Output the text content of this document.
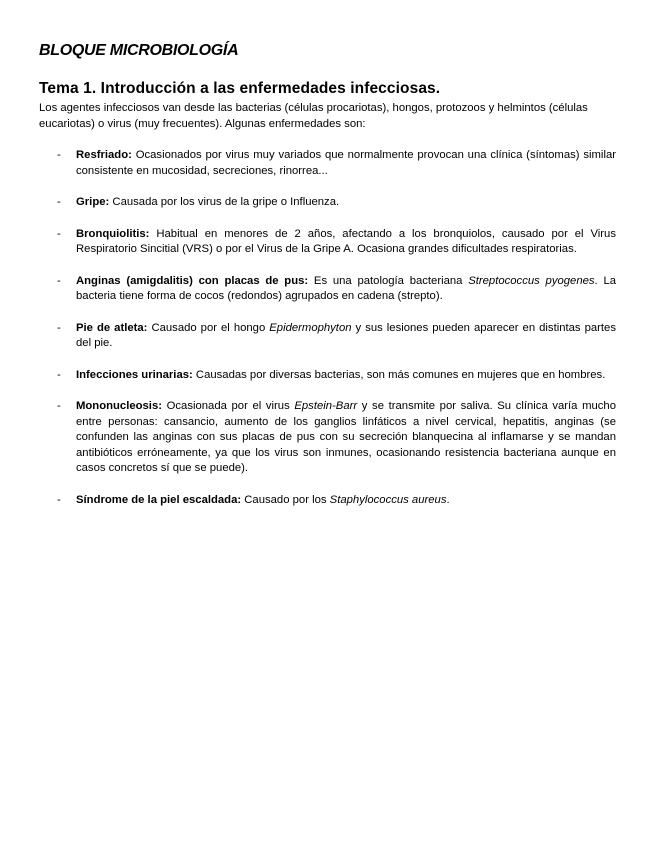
BLOQUE MICROBIOLOGÍA
Tema 1. Introducción a las enfermedades infecciosas.

Los agentes infecciosos van desde las bacterias (células procariotas), hongos, protozoos y helmintos (células eucariotas) o virus (muy frecuentes). Algunas enfermedades son:

- Resfriado: Ocasionados por virus muy variados que normalmente provocan una clínica (síntomas) similar consistente en mucosidad, secreciones, rinorrea...
- Gripe: Causada por los virus de la gripe o Influenza.
- Bronquiolitis: Habitual en menores de 2 años, afectando a los bronquiolos, causado por el Virus Respiratorio Sincitial (VRS) o por el Virus de la Gripe A. Ocasiona grandes dificultades respiratorias.
- Anginas (amigdalitis) con placas de pus: Es una patología bacteriana Streptococcus pyogenes. La bacteria tiene forma de cocos (redondos) agrupados en cadena (strepto).
- Pie de atleta: Causado por el hongo Epidermophyton y sus lesiones pueden aparecer en distintas partes del pie.
- Infecciones urinarias: Causadas por diversas bacterias, son más comunes en mujeres que en hombres.
- Mononucleosis: Ocasionada por el virus Epstein-Barr y se transmite por saliva. Su clínica varía mucho entre personas: cansancio, aumento de los ganglios linfáticos a nivel cervical, hepatitis, anginas (se confunden las anginas con sus placas de pus con su secreción blanquecina al inflamarse y se mandan antibióticos erróneamente, ya que los virus son inmunes, ocasionando resistencia bacteriana aunque en casos concretos sí que se puede).
- Síndrome de la piel escaldada: Causado por los Staphylococcus aureus.
